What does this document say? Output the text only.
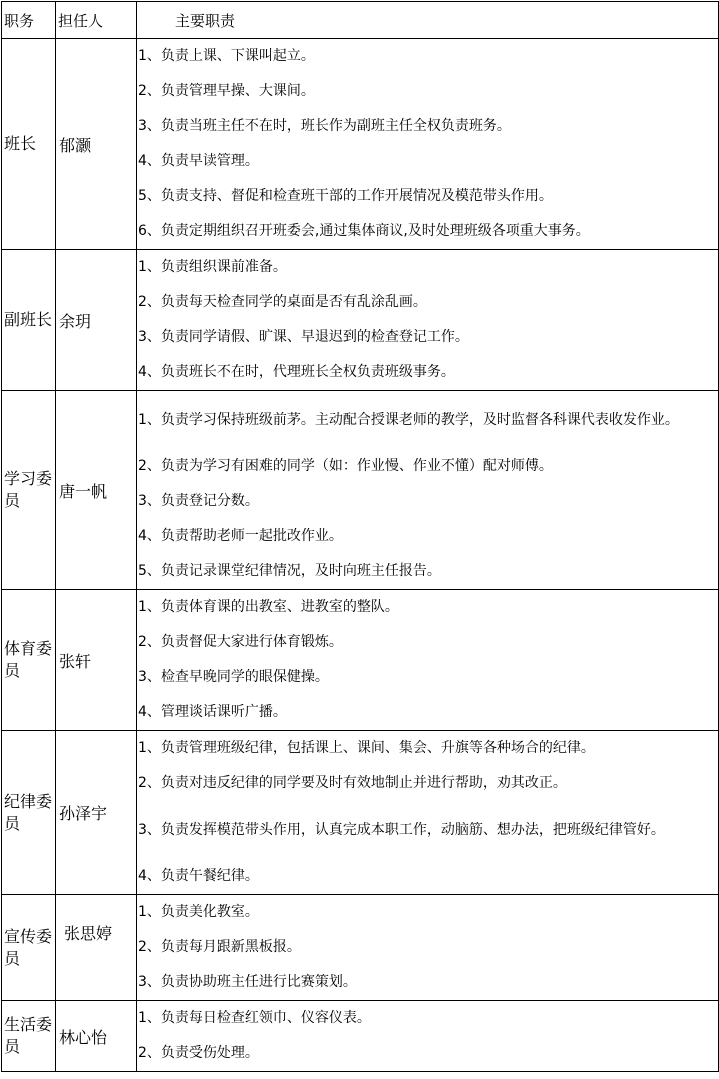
职务	担任人	主要职责
班长	郁灏	1、负责上课、下课叫起立。
		2、负责管理早操、大课间。
		3、负责当班主任不在时，班长作为副班主任全权负责班务。
		4、负责早读管理。
		5、负责支持、督促和检查班干部的工作开展情况及模范带头作用。
		6、负责定期组织召开班委会,通过集体商议,及时处理班级各项重大事务。
副班长	余玥	1、负责组织课前准备。
		2、负责每天检查同学的桌面是否有乱涂乱画。
		3、负责同学请假、旷课、早退迟到的检查登记工作。
		4、负责班长不在时，代理班长全权负责班级事务。
学习委员	唐一帆	1、负责学习保持班级前茅。主动配合授课老师的教学，及时监督各科课代表收发作业。
		2、负责为学习有困难的同学（如：作业慢、作业不懂）配对师傅。
		3、负责登记分数。
		4、负责帮助老师一起批改作业。
		5、负责记录课堂纪律情况，及时向班主任报告。
体育委员	张轩	1、负责体育课的出教室、进教室的整队。
		2、负责督促大家进行体育锻炼。
		3、检查早晚同学的眼保健操。
		4、管理谈话课听广播。
纪律委员	孙泽宇	1、负责管理班级纪律，包括课上、课间、集会、升旗等各种场合的纪律。
		2、负责对违反纪律的同学要及时有效地制止并进行帮助，劝其改正。
		3、负责发挥模范带头作用，认真完成本职工作，动脑筋、想办法，把班级纪律管好。
		4、负责午餐纪律。
宣传委员	张思婷	1、负责美化教室。
		2、负责每月跟新黑板报。
		3、负责协助班主任进行比赛策划。
生活委员	林心怡	1、负责每日检查红领巾、仪容仪表。
		2、负责受伤处理。
